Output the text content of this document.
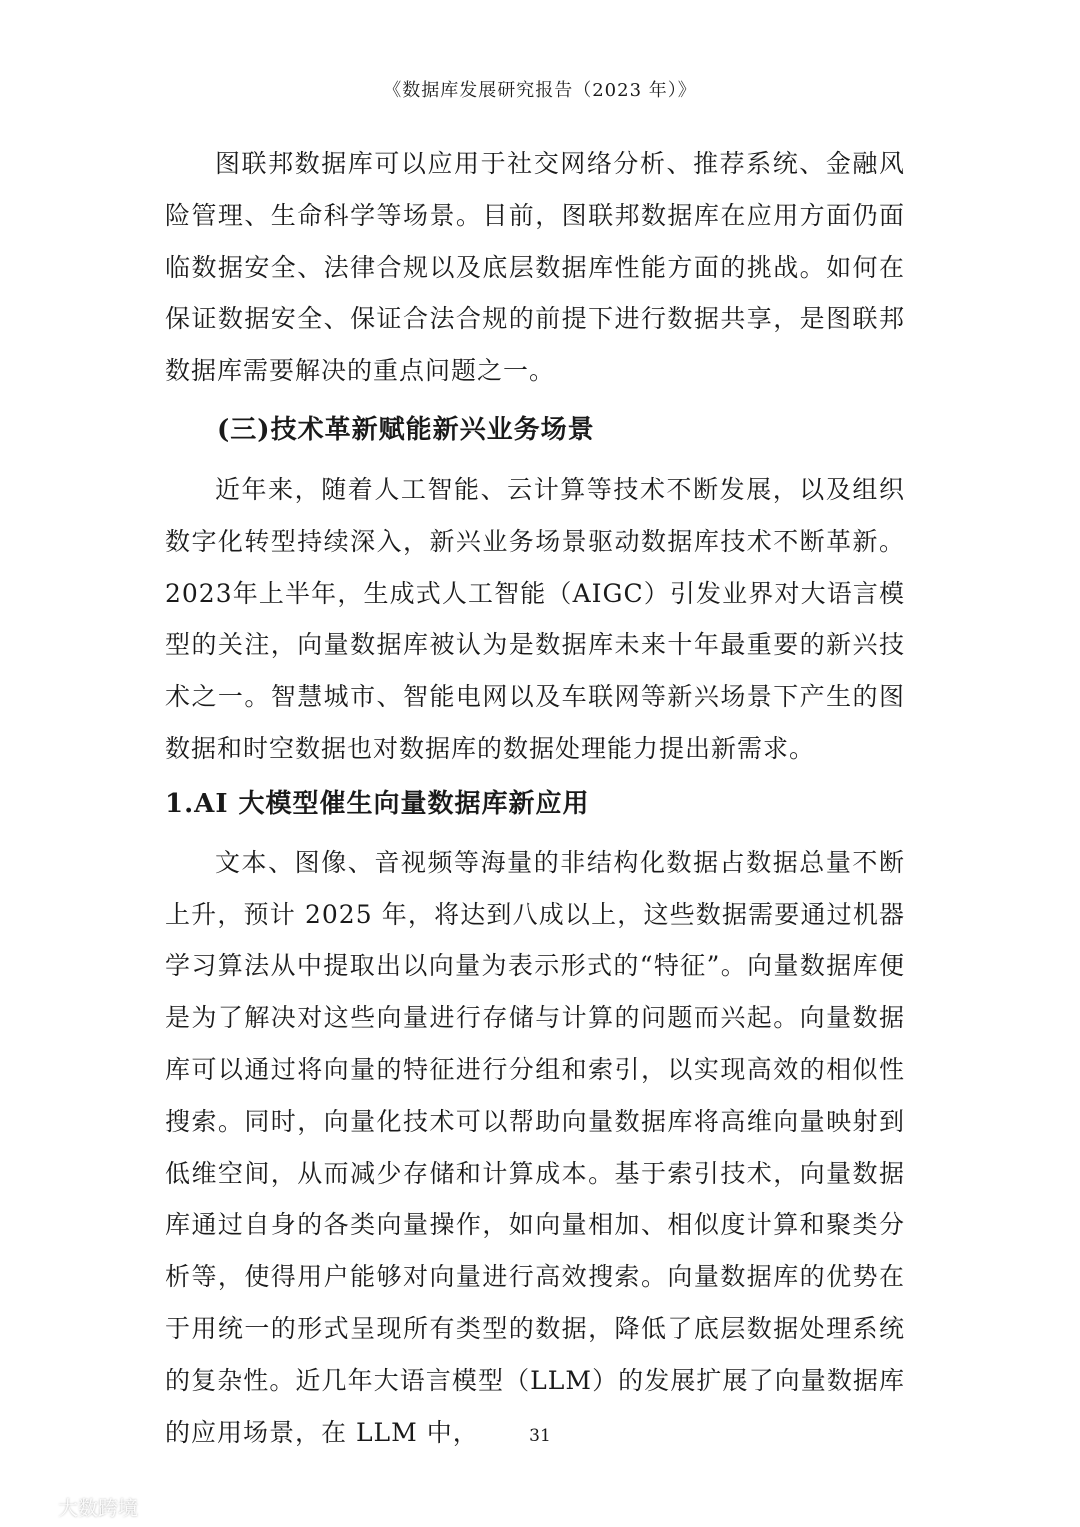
《数据库发展研究报告（2023 年）》

图联邦数据库可以应用于社交网络分析、推荐系统、金融风险管理、生命科学等场景。目前，图联邦数据库在应用方面仍面临数据安全、法律合规以及底层数据库性能方面的挑战。如何在保证数据安全、保证合法合规的前提下进行数据共享，是图联邦数据库需要解决的重点问题之一。

(三)技术革新赋能新兴业务场景

近年来，随着人工智能、云计算等技术不断发展，以及组织数字化转型持续深入，新兴业务场景驱动数据库技术不断革新。2023年上半年，生成式人工智能（AIGC）引发业界对大语言模型的关注，向量数据库被认为是数据库未来十年最重要的新兴技术之一。智慧城市、智能电网以及车联网等新兴场景下产生的图数据和时空数据也对数据库的数据处理能力提出新需求。

1.AI 大模型催生向量数据库新应用

文本、图像、音视频等海量的非结构化数据占数据总量不断上升，预计 2025 年，将达到八成以上，这些数据需要通过机器学习算法从中提取出以向量为表示形式的“特征”。向量数据库便是为了解决对这些向量进行存储与计算的问题而兴起。向量数据库可以通过将向量的特征进行分组和索引，以实现高效的相似性搜索。同时，向量化技术可以帮助向量数据库将高维向量映射到低维空间，从而减少存储和计算成本。基于索引技术，向量数据库通过自身的各类向量操作，如向量相加、相似度计算和聚类分析等，使得用户能够对向量进行高效搜索。向量数据库的优势在于用统一的形式呈现所有类型的数据，降低了底层数据处理系统的复杂性。近几年大语言模型（LLM）的发展扩展了向量数据库的应用场景，在 LLM 中，	31
大数跨境
